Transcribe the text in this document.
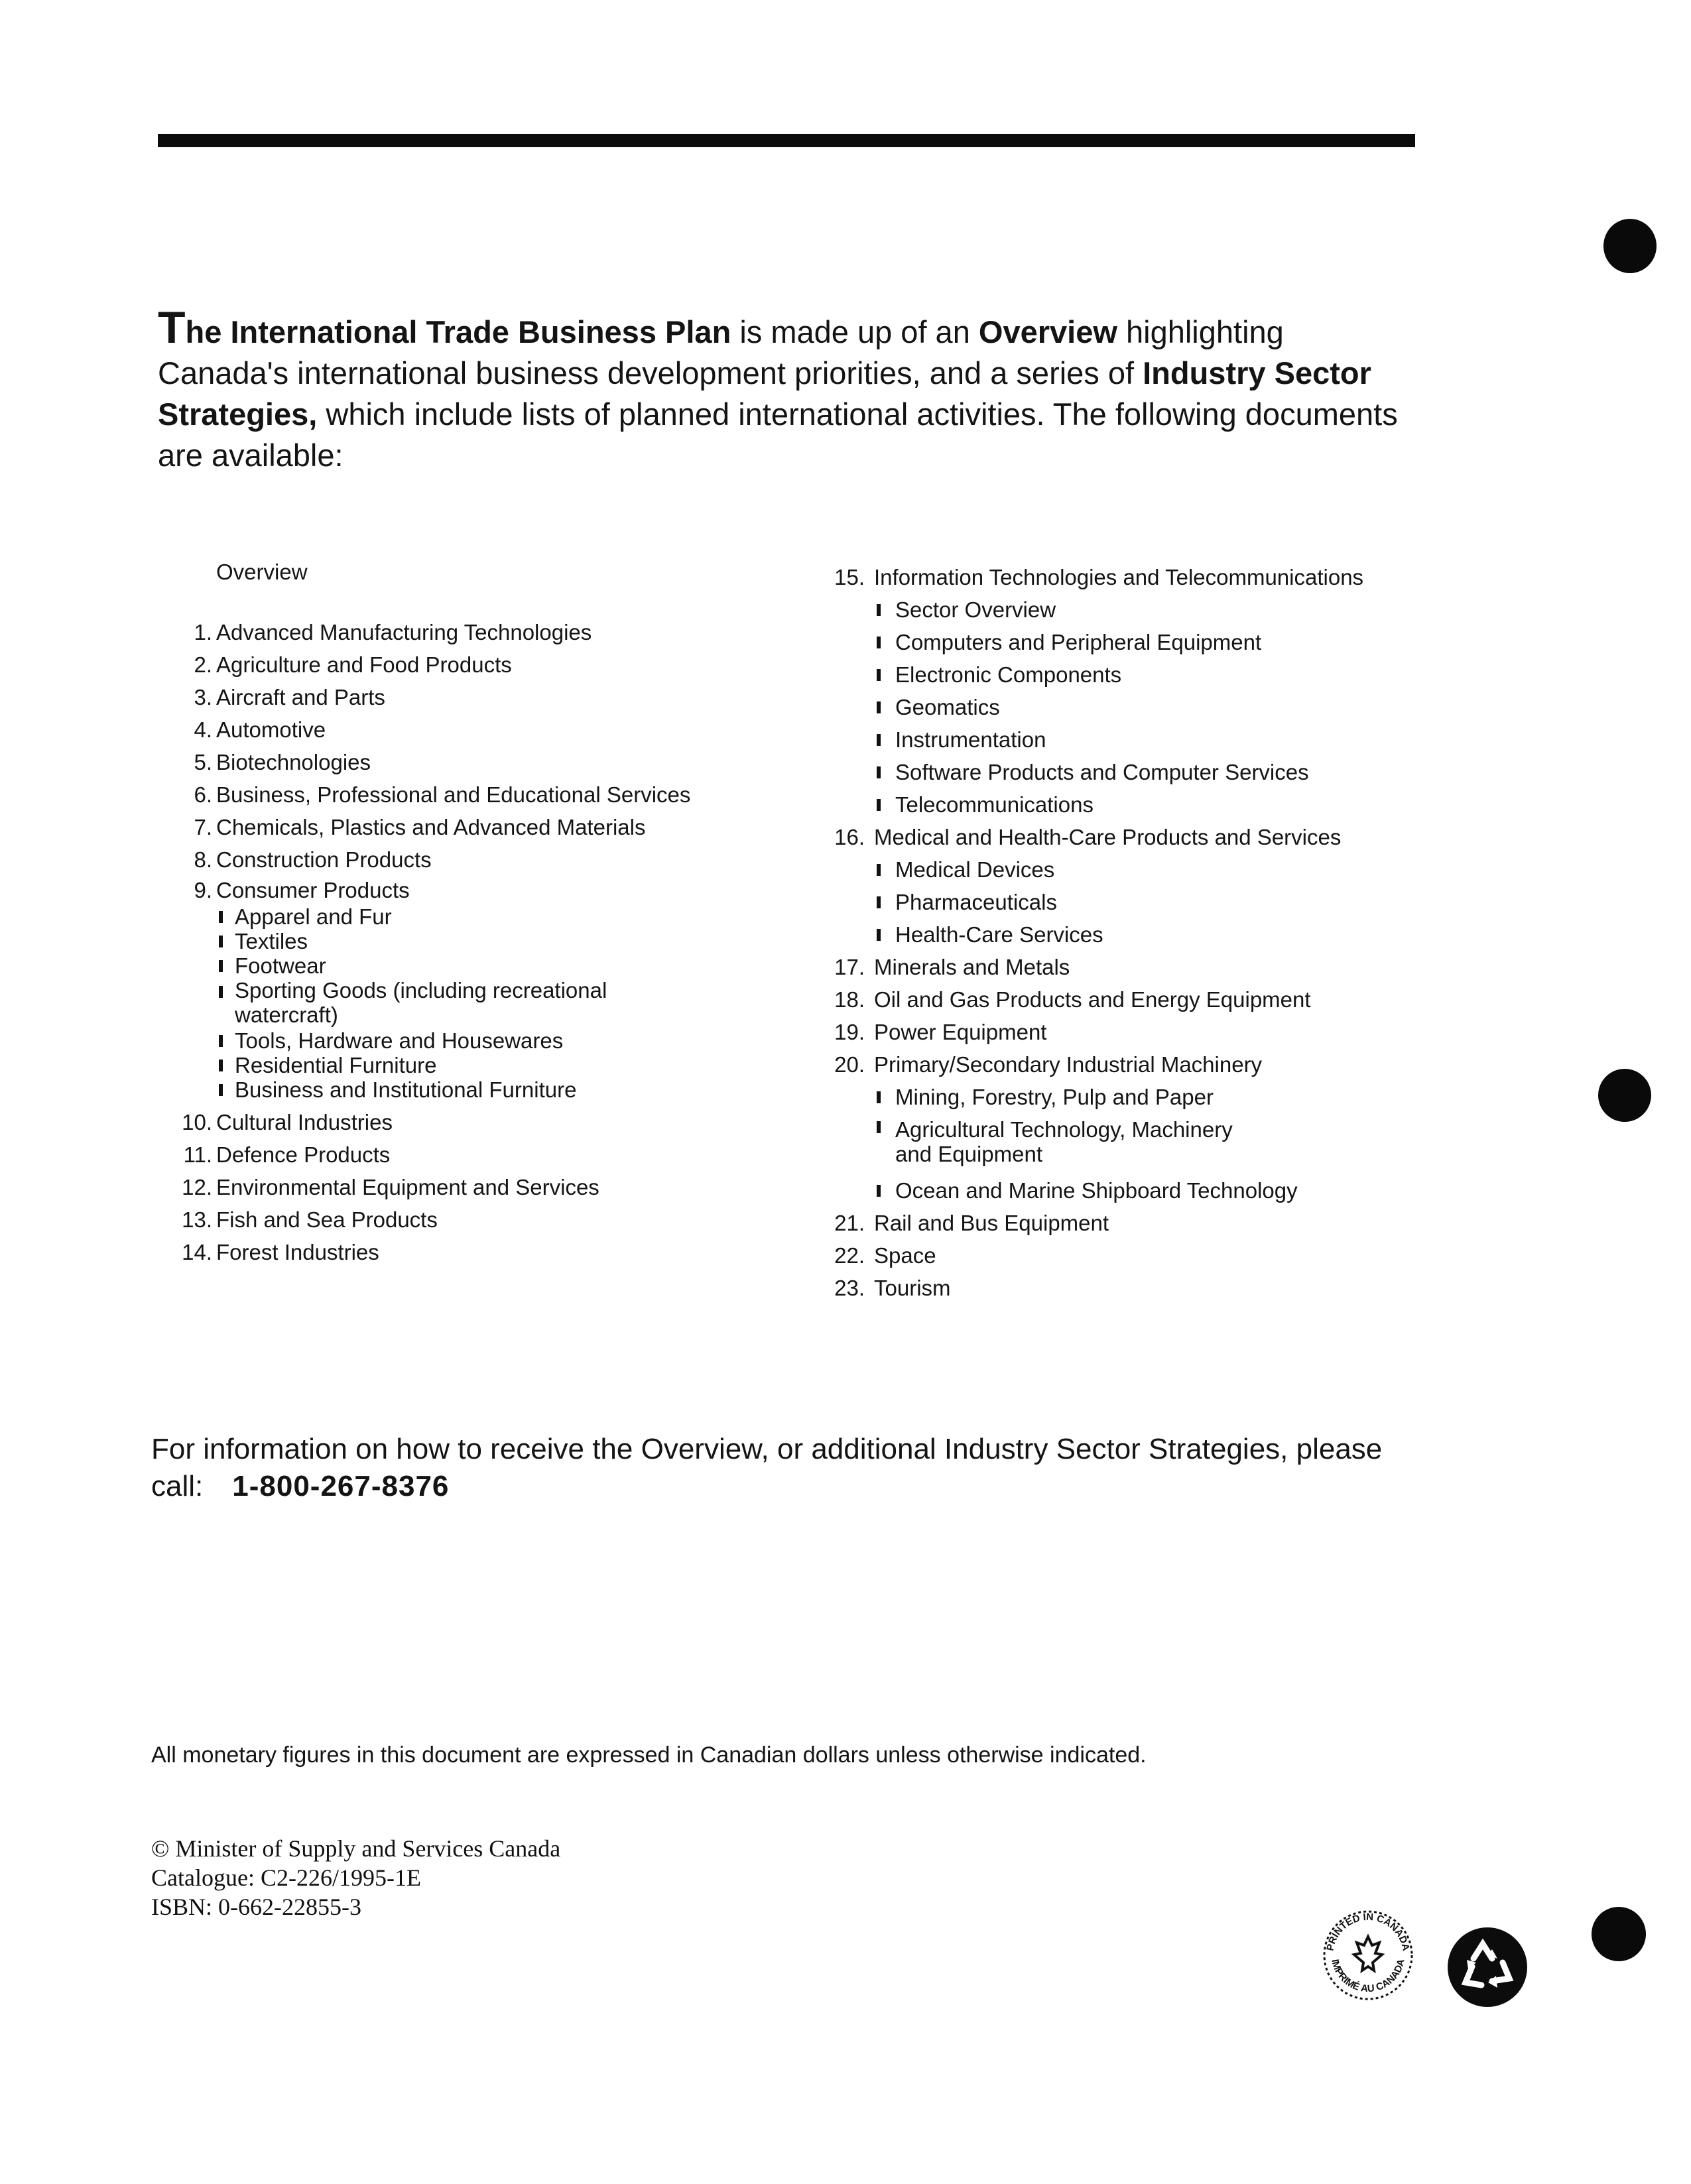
The International Trade Business Plan is made up of an Overview highlighting Canada's international business development priorities, and a series of Industry Sector Strategies, which include lists of planned international activities. The following documents are available:
Overview
1. Advanced Manufacturing Technologies
2. Agriculture and Food Products
3. Aircraft and Parts
4. Automotive
5. Biotechnologies
6. Business, Professional and Educational Services
7. Chemicals, Plastics and Advanced Materials
8. Construction Products
9. Consumer Products
Apparel and Fur
Textiles
Footwear
Sporting Goods (including recreational watercraft)
Tools, Hardware and Housewares
Residential Furniture
Business and Institutional Furniture
10. Cultural Industries
11. Defence Products
12. Environmental Equipment and Services
13. Fish and Sea Products
14. Forest Industries
15. Information Technologies and Telecommunications
Sector Overview
Computers and Peripheral Equipment
Electronic Components
Geomatics
Instrumentation
Software Products and Computer Services
Telecommunications
16. Medical and Health-Care Products and Services
Medical Devices
Pharmaceuticals
Health-Care Services
17. Minerals and Metals
18. Oil and Gas Products and Energy Equipment
19. Power Equipment
20. Primary/Secondary Industrial Machinery
Mining, Forestry, Pulp and Paper
Agricultural Technology, Machinery and Equipment
Ocean and Marine Shipboard Technology
21. Rail and Bus Equipment
22. Space
23. Tourism
For information on how to receive the Overview, or additional Industry Sector Strategies, please call: 1-800-267-8376
All monetary figures in this document are expressed in Canadian dollars unless otherwise indicated.
© Minister of Supply and Services Canada
Catalogue: C2-226/1995-1E
ISBN: 0-662-22855-3
PRINTED IN CANADA
IMPRIMÉ AU CANADA
